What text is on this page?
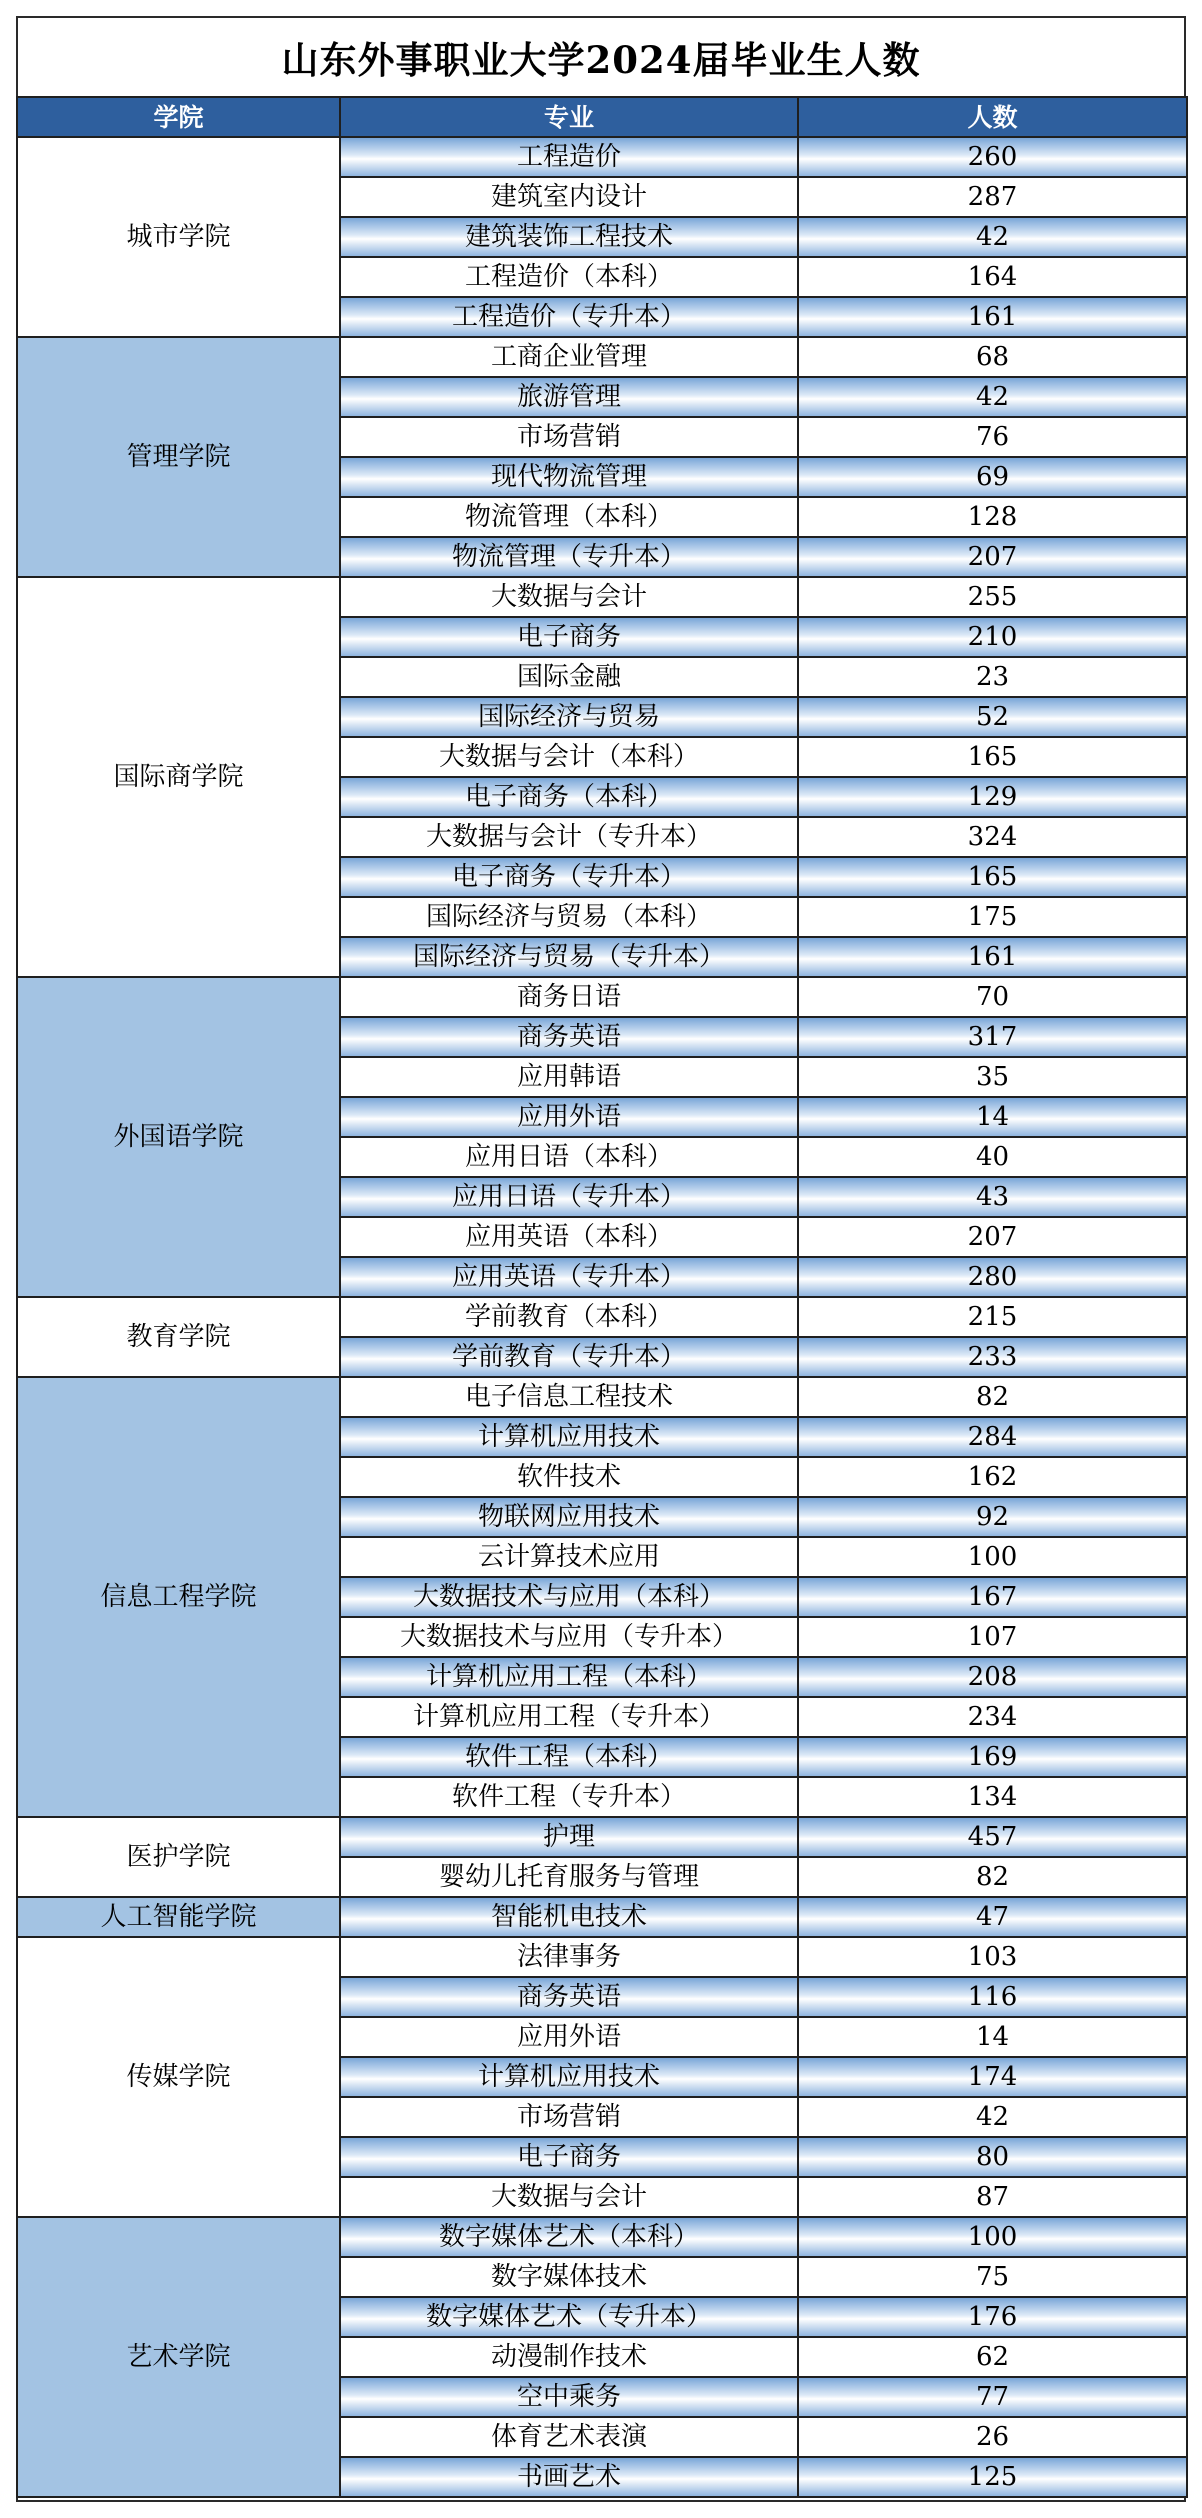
山东外事职业大学2024届毕业生人数
学院	专业	人数
城市学院	工程造价	260
	建筑室内设计	287
	建筑装饰工程技术	42
	工程造价（本科）	164
	工程造价（专升本）	161
管理学院	工商企业管理	68
	旅游管理	42
	市场营销	76
	现代物流管理	69
	物流管理（本科）	128
	物流管理（专升本）	207
国际商学院	大数据与会计	255
	电子商务	210
	国际金融	23
	国际经济与贸易	52
	大数据与会计（本科）	165
	电子商务（本科）	129
	大数据与会计（专升本）	324
	电子商务（专升本）	165
	国际经济与贸易（本科）	175
	国际经济与贸易（专升本）	161
外国语学院	商务日语	70
	商务英语	317
	应用韩语	35
	应用外语	14
	应用日语（本科）	40
	应用日语（专升本）	43
	应用英语（本科）	207
	应用英语（专升本）	280
教育学院	学前教育（本科）	215
	学前教育（专升本）	233
信息工程学院	电子信息工程技术	82
	计算机应用技术	284
	软件技术	162
	物联网应用技术	92
	云计算技术应用	100
	大数据技术与应用（本科）	167
	大数据技术与应用（专升本）	107
	计算机应用工程（本科）	208
	计算机应用工程（专升本）	234
	软件工程（本科）	169
	软件工程（专升本）	134
医护学院	护理	457
	婴幼儿托育服务与管理	82
人工智能学院	智能机电技术	47
传媒学院	法律事务	103
	商务英语	116
	应用外语	14
	计算机应用技术	174
	市场营销	42
	电子商务	80
	大数据与会计	87
艺术学院	数字媒体艺术（本科）	100
	数字媒体技术	75
	数字媒体艺术（专升本）	176
	动漫制作技术	62
	空中乘务	77
	体育艺术表演	26
	书画艺术	125
